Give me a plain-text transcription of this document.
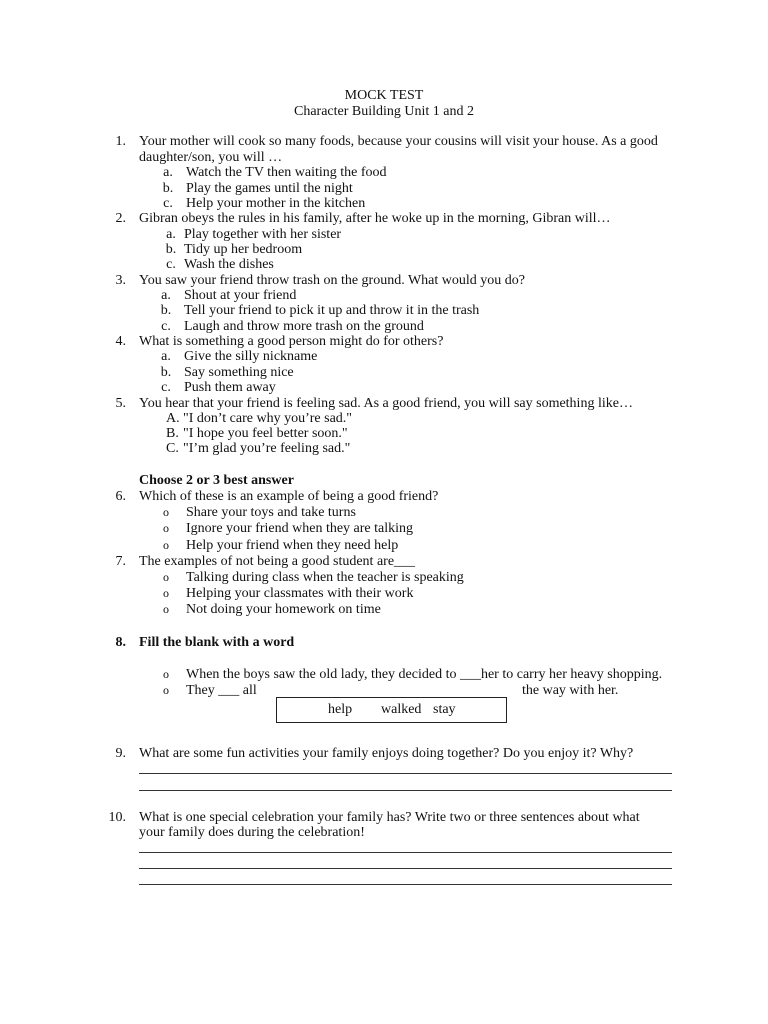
MOCK TEST
Character Building Unit 1 and 2
1. Your mother will cook so many foods, because your cousins will visit your house. As a good
daughter/son, you will …
a. Watch the TV then waiting the food
b. Play the games until the night
c. Help your mother in the kitchen
2. Gibran obeys the rules in his family, after he woke up in the morning, Gibran will…
a. Play together with her sister
b. Tidy up her bedroom
c. Wash the dishes
3. You saw your friend throw trash on the ground. What would you do?
a. Shout at your friend
b. Tell your friend to pick it up and throw it in the trash
c. Laugh and throw more trash on the ground
4. What is something a good person might do for others?
a. Give the silly nickname
b. Say something nice
c. Push them away
5. You hear that your friend is feeling sad. As a good friend, you will say something like…
A. "I don’t care why you’re sad."
B. "I hope you feel better soon."
C. "I’m glad you’re feeling sad."
Choose 2 or 3 best answer
6. Which of these is an example of being a good friend?
o Share your toys and take turns
o Ignore your friend when they are talking
o Help your friend when they need help
7. The examples of not being a good student are___
o Talking during class when the teacher is speaking
o Helping your classmates with their work
o Not doing your homework on time
8. Fill the blank with a word
o When the boys saw the old lady, they decided to ___her to carry her heavy shopping.
o They ___ all	the way with her.
help walked stay
9. What are some fun activities your family enjoys doing together? Do you enjoy it? Why?
10. What is one special celebration your family has? Write two or three sentences about what
your family does during the celebration!
